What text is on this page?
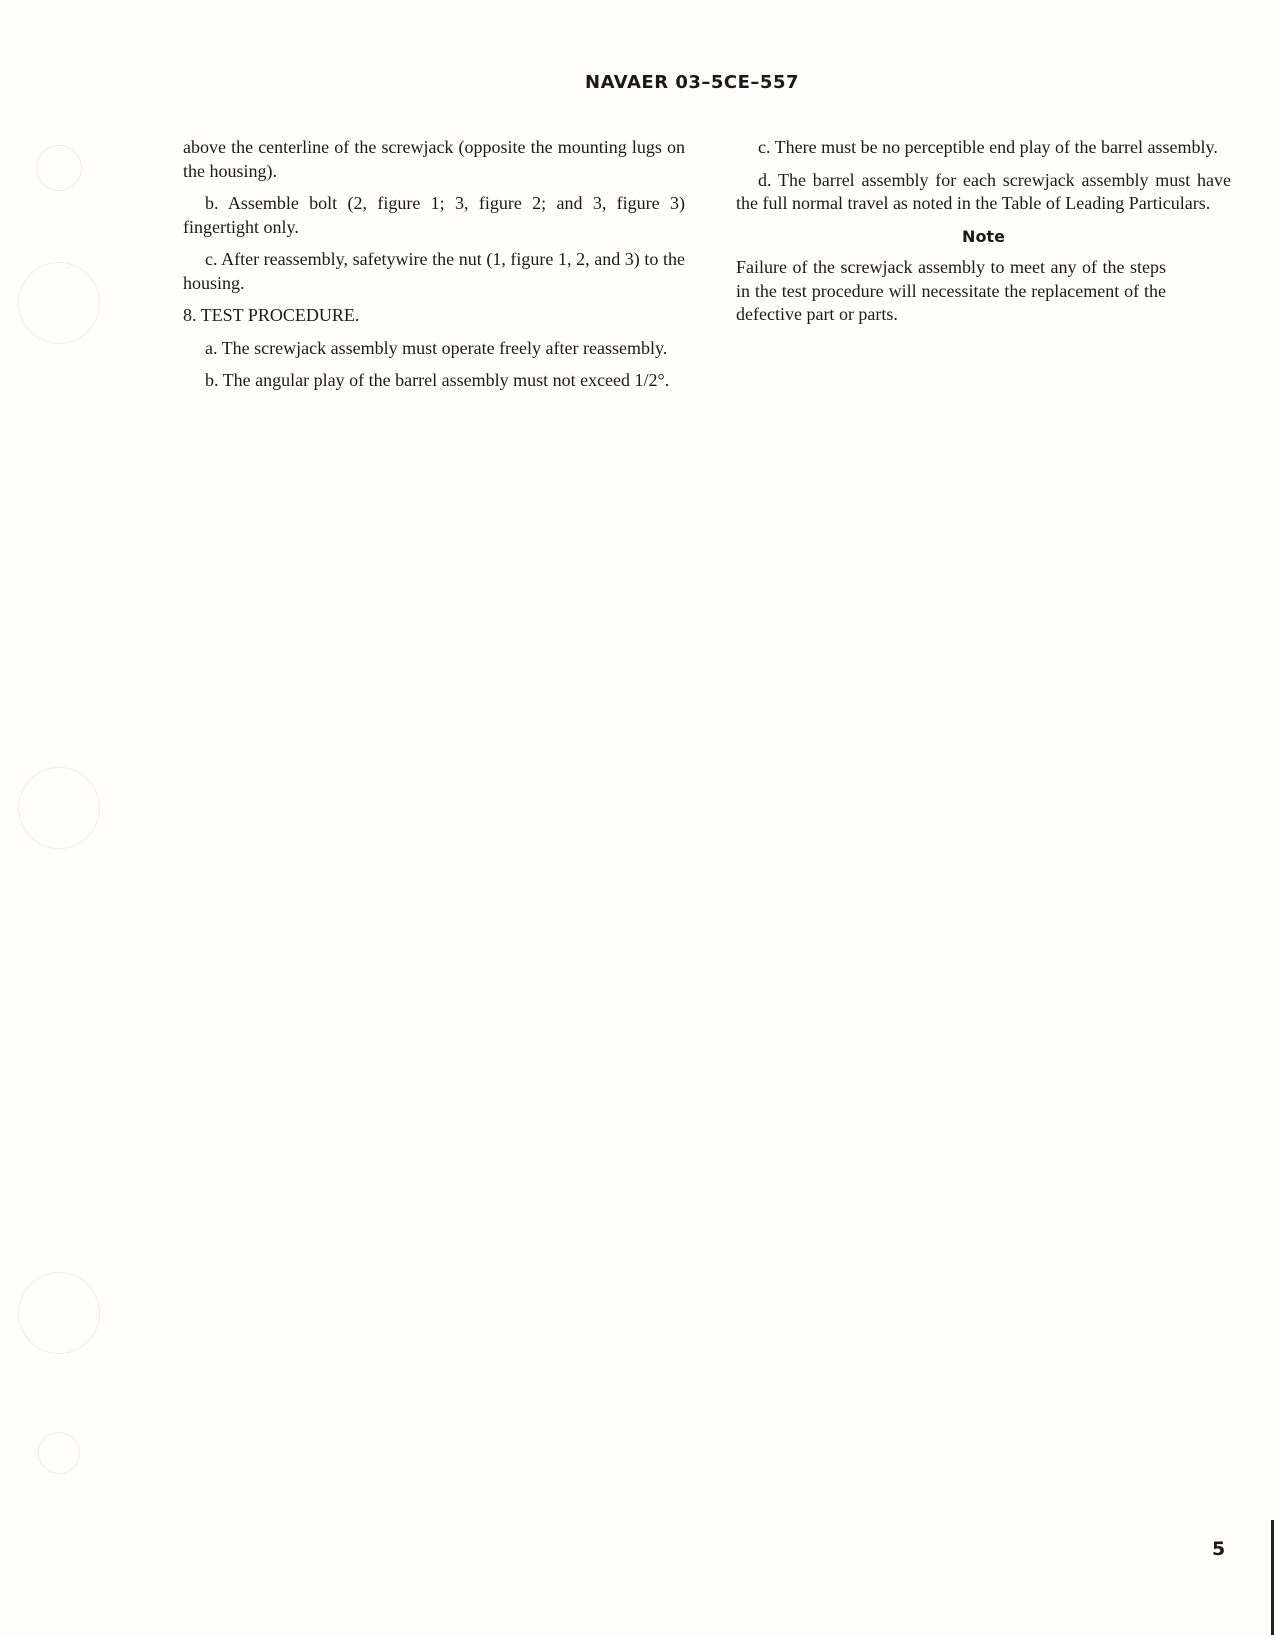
NAVAER 03–5CE–557

above the centerline of the screwjack (opposite the mounting lugs on the housing).

b. Assemble bolt (2, figure 1; 3, figure 2; and 3, figure 3) fingertight only.

c. After reassembly, safetywire the nut (1, figure 1, 2, and 3) to the housing.

8. TEST PROCEDURE.

a. The screwjack assembly must operate freely after reassembly.

b. The angular play of the barrel assembly must not exceed 1/2°.

c. There must be no perceptible end play of the barrel assembly.

d. The barrel assembly for each screwjack assembly must have the full normal travel as noted in the Table of Leading Particulars.

Note

Failure of the screwjack assembly to meet any of the steps in the test procedure will necessitate the replacement of the defective part or parts.

5
